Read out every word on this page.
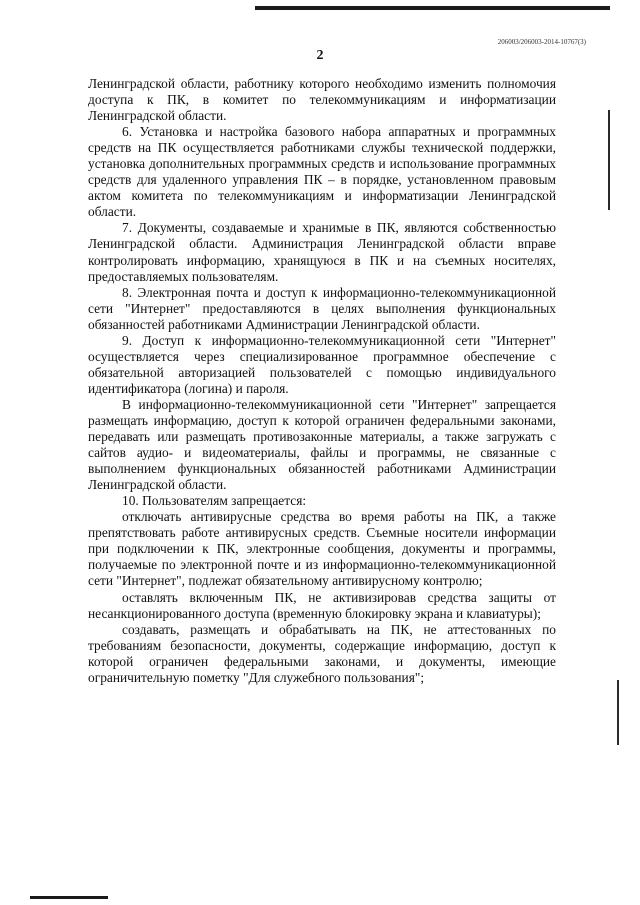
206003/206003-2014-10767(3)
2

Ленинградской области, работнику которого необходимо изменить полномочия доступа к ПК, в комитет по телекоммуникациям и информатизации Ленинградской области.

6. Установка и настройка базового набора аппаратных и программных средств на ПК осуществляется работниками службы технической поддержки, установка дополнительных программных средств и использование программных средств для удаленного управления ПК – в порядке, установленном правовым актом комитета по телекоммуникациям и информатизации Ленинградской области.

7. Документы, создаваемые и хранимые в ПК, являются собственностью Ленинградской области. Администрация Ленинградской области вправе контролировать информацию, хранящуюся в ПК и на съемных носителях, предоставляемых пользователям.

8. Электронная почта и доступ к информационно-телекоммуникационной сети "Интернет" предоставляются в целях выполнения функциональных обязанностей работниками Администрации Ленинградской области.

9. Доступ к информационно-телекоммуникационной сети "Интернет" осуществляется через специализированное программное обеспечение с обязательной авторизацией пользователей с помощью индивидуального идентификатора (логина) и пароля.

В информационно-телекоммуникационной сети "Интернет" запрещается размещать информацию, доступ к которой ограничен федеральными законами, передавать или размещать противозаконные материалы, а также загружать с сайтов аудио- и видеоматериалы, файлы и программы, не связанные с выполнением функциональных обязанностей работниками Администрации Ленинградской области.

10. Пользователям запрещается:

отключать антивирусные средства во время работы на ПК, а также препятствовать работе антивирусных средств. Съемные носители информации при подключении к ПК, электронные сообщения, документы и программы, получаемые по электронной почте и из информационно-телекоммуникационной сети "Интернет", подлежат обязательному антивирусному контролю;

оставлять включенным ПК, не активизировав средства защиты от несанкционированного доступа (временную блокировку экрана и клавиатуры);

создавать, размещать и обрабатывать на ПК, не аттестованных по требованиям безопасности, документы, содержащие информацию, доступ к которой ограничен федеральными законами, и документы, имеющие ограничительную пометку "Для служебного пользования";
